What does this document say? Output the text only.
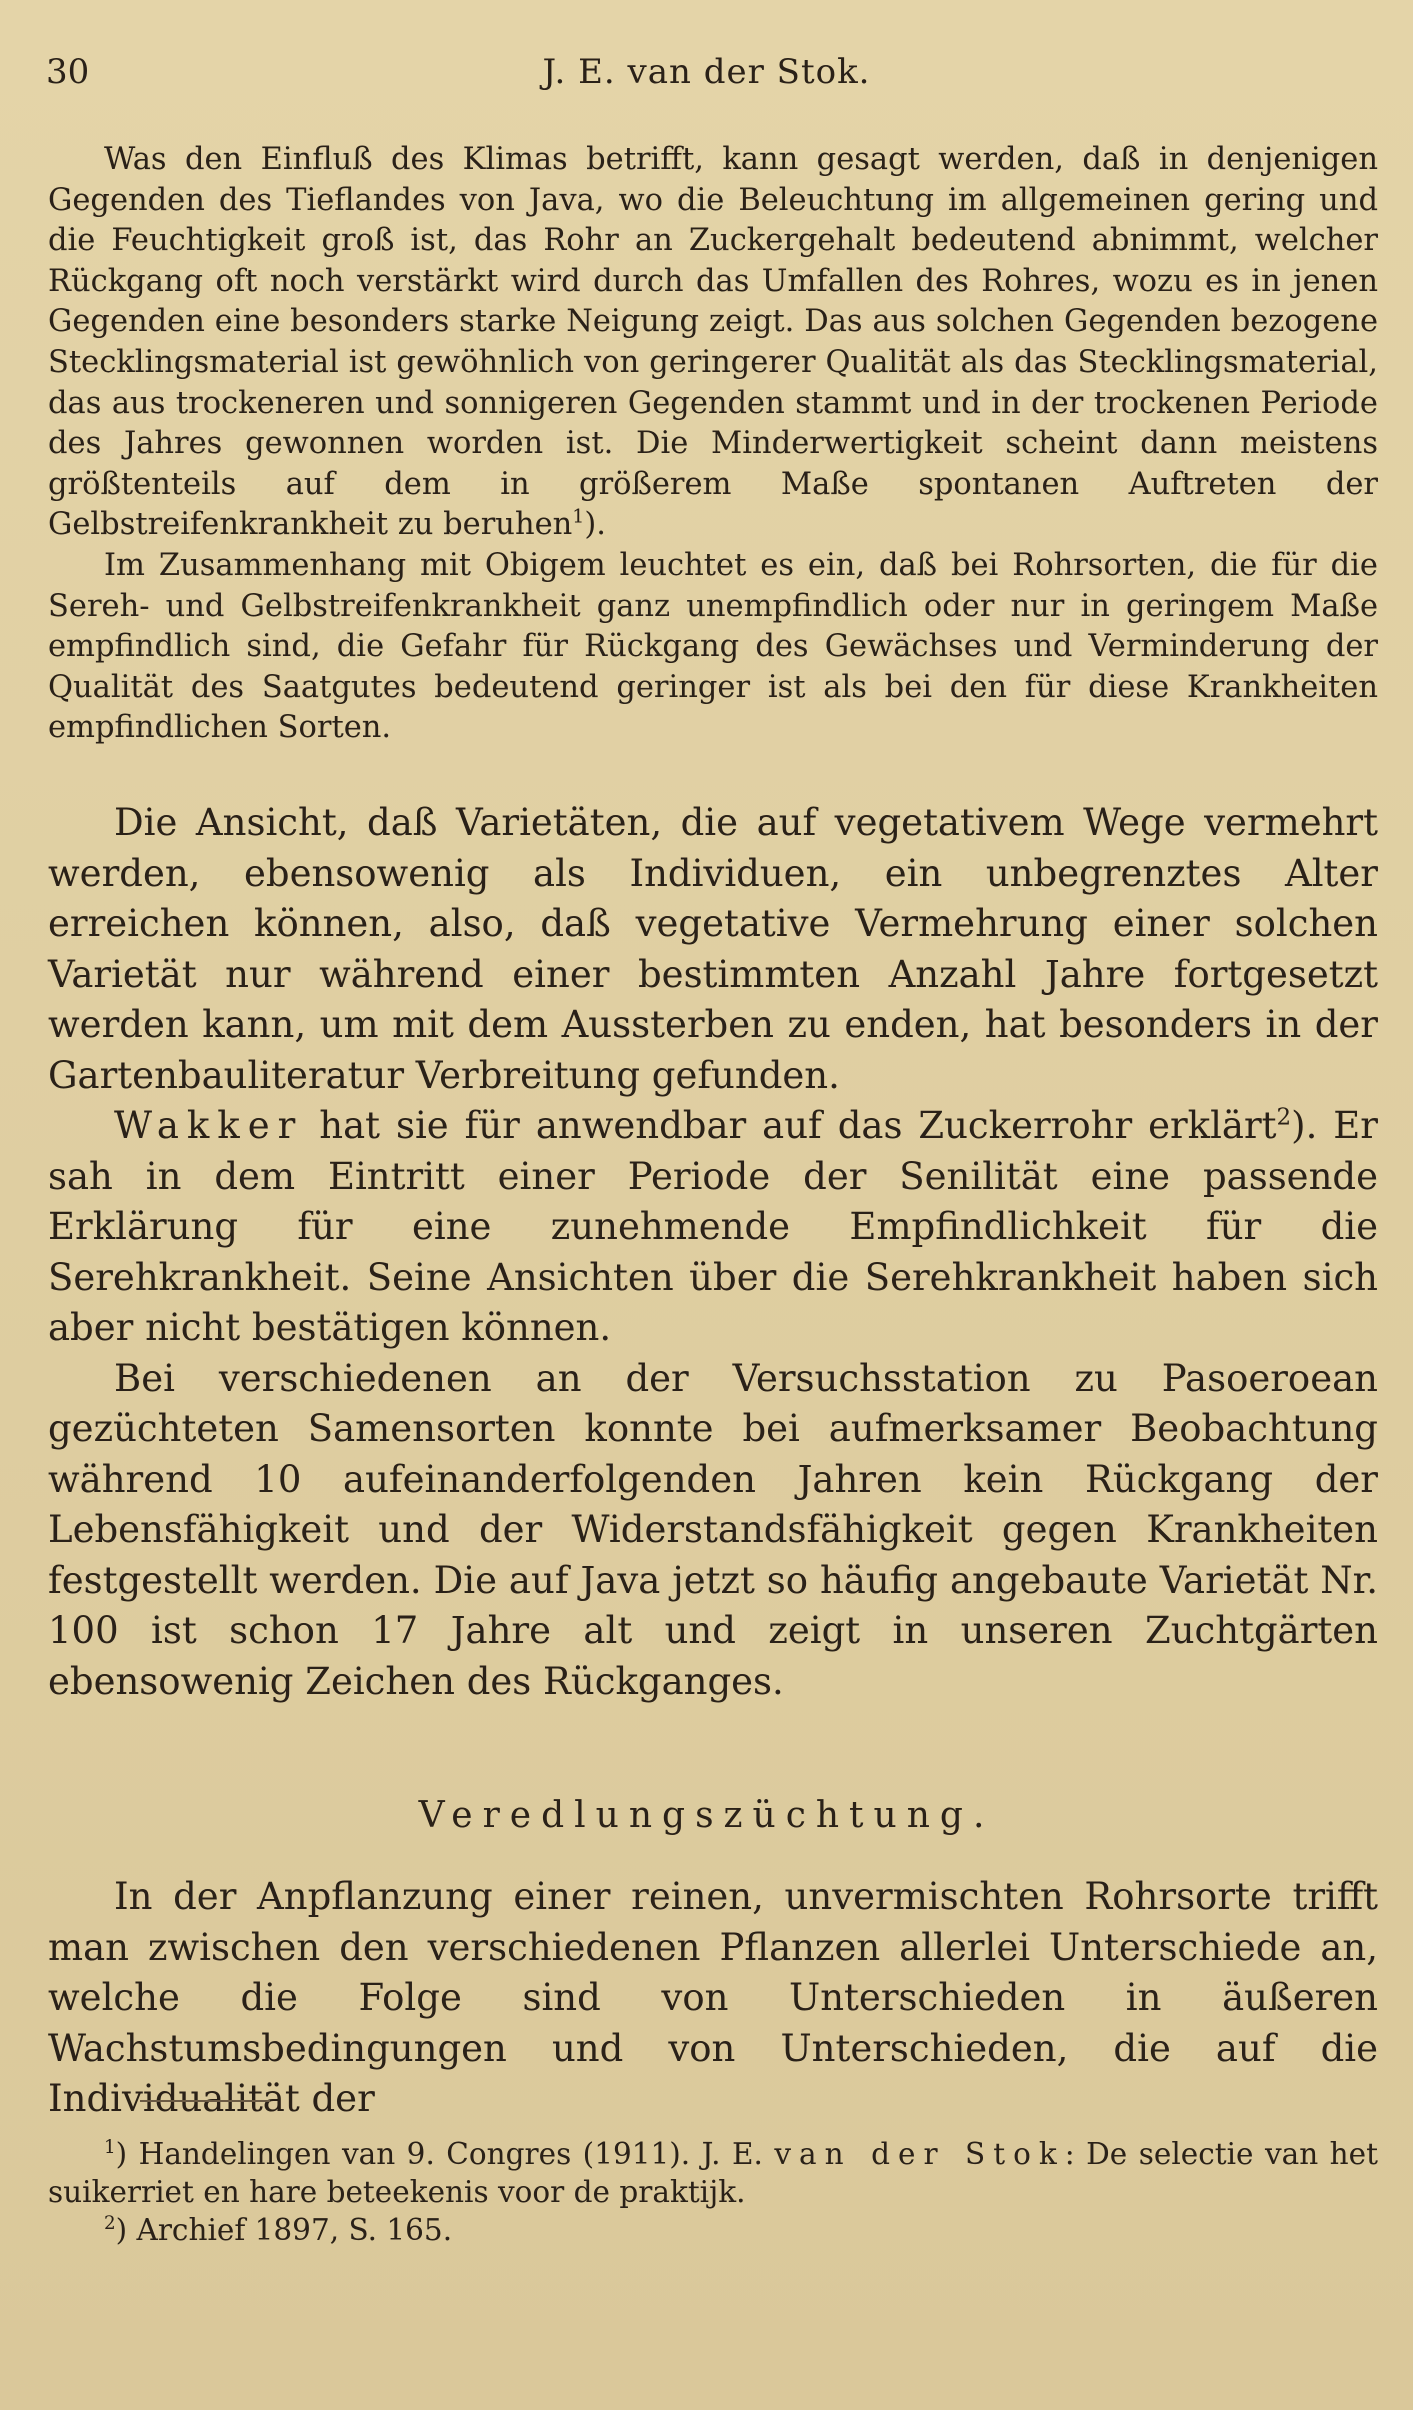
30	J. E. van der Stok.

Was den Einfluß des Klimas betrifft, kann gesagt werden, daß in denjenigen Gegenden des Tieflandes von Java, wo die Beleuchtung im allgemeinen gering und die Feuchtigkeit groß ist, das Rohr an Zuckergehalt bedeutend abnimmt, welcher Rückgang oft noch verstärkt wird durch das Umfallen des Rohres, wozu es in jenen Gegenden eine besonders starke Neigung zeigt. Das aus solchen Gegenden bezogene Stecklingsmaterial ist gewöhnlich von geringerer Qualität als das Stecklingsmaterial, das aus trockeneren und sonnigeren Gegenden stammt und in der trockenen Periode des Jahres gewonnen worden ist. Die Minderwertigkeit scheint dann meistens größtenteils auf dem in größerem Maße spontanen Auftreten der Gelbstreifenkrankheit zu beruhen$^1$).

Im Zusammenhang mit Obigem leuchtet es ein, daß bei Rohrsorten, die für die Sereh- und Gelbstreifenkrankheit ganz unempfindlich oder nur in geringem Maße empfindlich sind, die Gefahr für Rückgang des Gewächses und Verminderung der Qualität des Saatgutes bedeutend geringer ist als bei den für diese Krankheiten empfindlichen Sorten.

Die Ansicht, daß Varietäten, die auf vegetativem Wege vermehrt werden, ebensowenig als Individuen, ein unbegrenztes Alter erreichen können, also, daß vegetative Vermehrung einer solchen Varietät nur während einer bestimmten Anzahl Jahre fortgesetzt werden kann, um mit dem Aussterben zu enden, hat besonders in der Gartenbauliteratur Verbreitung gefunden.

Wakker hat sie für anwendbar auf das Zuckerrohr erklärt$^2$). Er sah in dem Eintritt einer Periode der Senilität eine passende Erklärung für eine zunehmende Empfindlichkeit für die Serehkrankheit. Seine Ansichten über die Serehkrankheit haben sich aber nicht bestätigen können.

Bei verschiedenen an der Versuchsstation zu Pasoeroean gezüchteten Samensorten konnte bei aufmerksamer Beobachtung während 10 aufeinanderfolgenden Jahren kein Rückgang der Lebensfähigkeit und der Widerstandsfähigkeit gegen Krankheiten festgestellt werden. Die auf Java jetzt so häufig angebaute Varietät Nr. 100 ist schon 17 Jahre alt und zeigt in unseren Zuchtgärten ebensowenig Zeichen des Rückganges.

Veredlungszüchtung.

In der Anpflanzung einer reinen, unvermischten Rohrsorte trifft man zwischen den verschiedenen Pflanzen allerlei Unterschiede an, welche die Folge sind von Unterschieden in äußeren Wachstumsbedingungen und von Unterschieden, die auf die Individualität der

$^1$) Handelingen van 9. Congres (1911). J. E. van der Stok: De selectie van het suikerriet en hare beteekenis voor de praktijk.

$^2$) Archief 1897, S. 165.
